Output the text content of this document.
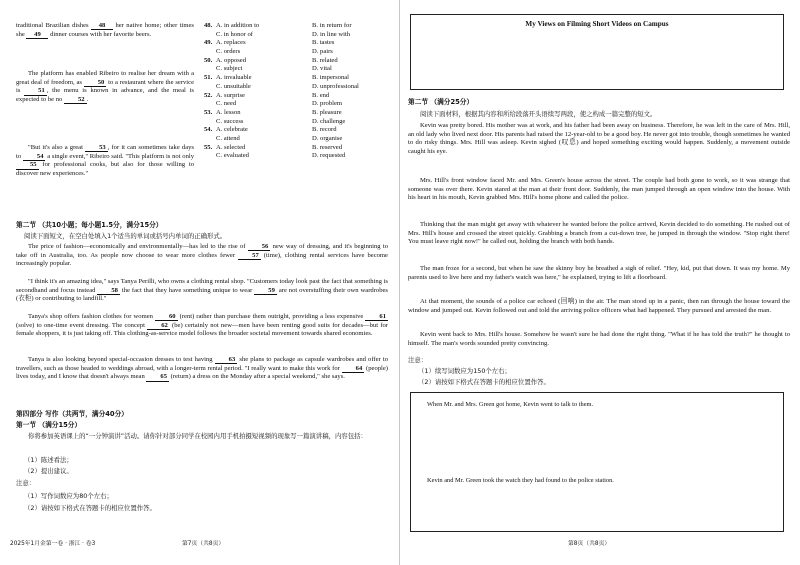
traditional Brazilian dishes 48 her native home; other times she 49 dinner courses with her favorite beers.
The platform has enabled Ribeiro to realise her dream with a great deal of freedom, as 50 to a restaurant where the service is 51 , the menu is known in advance, and the meal is expected to be no 52 .
"But it's also a great 53 , for it can sometimes take days to 54 a single event," Ribeiro said. "This platform is not only 55 for professional cooks, but also for those willing to discover new experiences."
48. A. in addition to	B. in return for
C. in honor of	D. in line with
49. A. replaces	B. tastes
C. orders	D. pairs
50. A. opposed	B. related
C. subject	D. vital
51. A. invaluable	B. impersonal
C. unsuitable	D. unprofessional
52. A. surprise	B. end
C. need	D. problem
53. A. lesson	B. pleasure
C. success	D. challenge
54. A. celebrate	B. record
C. attend	D. organise
55. A. selected	B. reserved
C. evaluated	D. requested
第二节 （共10小题；每小题1.5分，满分15分）
阅读下面短文，在空白处填入1个适当的单词或括号内单词的正确形式。
The price of fashion—economically and environmentally—has led to the rise of 56 new way of dressing, and it's beginning to take off in Australia, too. As people now choose to wear more clothes fewer 57 (time), clothing rental services have become increasingly popular.
"I think it's an amazing idea," says Tanya Perilli, who owns a clothing rental shop. "Customers today look past the fact that something is secondhand and focus instead 58 the fact that they have something unique to wear 59 are not overstuffing their own wardrobes (衣柜) or contributing to landfill."
Tanya's shop offers fashion clothes for women 60 (rent) rather than purchase them outright, providing a less expensive 61 (solve) to one-time event dressing. The concept 62 (be) certainly not new—men have been renting good suits for decades—but for female shoppers, it is just taking off. This clothing-as-service model follows the broader societal movement towards shared economies.
Tanya is also looking beyond special-occasion dresses to test having 63 she plans to package as capsule wardrobes and offer to travellers, such as those headed to weddings abroad, with a longer-term rental period. "I really want to make this work for 64 (people) lives today, and I know that doesn't always mean 65 (return) a dress on the Monday after a special weekend," she says.
第四部分 写作（共两节，满分40分）
第一节 （满分15分）
你将参加英语课上的“一分钟演讲”活动。请你针对部分同学在校园内用手机拍摄短视频的现象写一篇演讲稿，内容包括：
（1）陈述看法；
（2）提出建议。
注意：
（1）写作词数应为80个左右；
（2）请按如下格式在答题卡的相应位置作答。
2025年1月金第一卷 · 浙江 · 卷3	第7页（共8页）
My Views on Filming Short Videos on Campus
第二节 （满分25分）
阅读下面材料，根据其内容和所给段落开头语续写两段，使之构成一篇完整的短文。
Kevin was pretty bored. His mother was at work, and his father had been away on business. Therefore, he was left in the care of Mrs. Hill, an old lady who lived next door. His parents had raised the 12-year-old to be a good boy. He never got into trouble, though sometimes he wanted to do risky things. Mrs. Hill was asleep. Kevin sighed (叹息) and hoped something exciting would happen. Suddenly, a movement outside caught his eye.
Mrs. Hill's front window faced Mr. and Mrs. Green's house across the street. The couple had both gone to work, so it was strange that someone was over there. Kevin stared at the man at their front door. Suddenly, the man jumped through an open window into the house. With his heart in his mouth, Kevin grabbed Mrs. Hill's home phone and called the police.
Thinking that the man might get away with whatever he wanted before the police arrived, Kevin decided to do something. He rushed out of Mrs. Hill's house and crossed the street quickly. Grabbing a branch from a cut-down tree, he jumped in through the window. "Stop right there! You must leave right now!" he called out, holding the branch with both hands.
The man froze for a second, but when he saw the skinny boy he breathed a sigh of relief. "Hey, kid, put that down. It was my home. My parents used to live here and my father's watch was here," he explained, trying to lift a floorboard.
At that moment, the sounds of a police car echoed (回响) in the air. The man stood up in a panic, then ran through the house toward the window and jumped out. Kevin followed out and told the arriving police officers what had happened. They pursued and arrested the man.
Kevin went back to Mrs. Hill's house. Somehow he wasn't sure he had done the right thing. "What if he has told the truth?" he thought to himself. The man's words sounded pretty convincing.
注意：
（1）续写词数应为150个左右；
（2）请按如下格式在答题卡的相应位置作答。
When Mr. and Mrs. Green got home, Kevin went to talk to them.
Kevin and Mr. Green took the watch they had found to the police station.
第8页（共8页）
